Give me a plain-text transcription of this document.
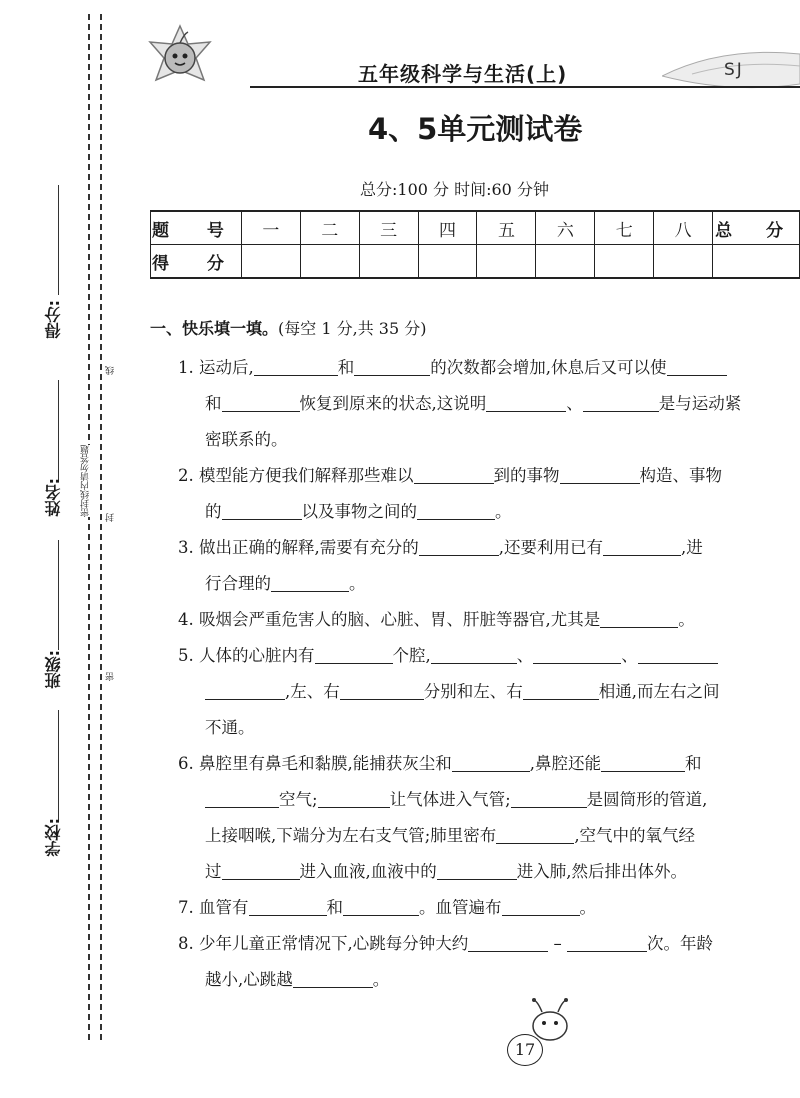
学校:
班级:
姓名:
得分:
线
密封线内请勿答题
封
密
五年级科学与生活(上)	SJ
4、5单元测试卷
总分:100 分 时间:60 分钟
题 号	一	二	三	四	五	六	七	八	总 分
得 分									
一、快乐填一填。(每空 1 分,共 35 分)
1. 运动后,	和	的次数都会增加,休息后又可以使
和	恢复到原来的状态,这说明	、	是与运动紧
密联系的。
2. 模型能方便我们解释那些难以	到的事物	构造、事物
的	以及事物之间的	。
3. 做出正确的解释,需要有充分的	,还要利用已有	,进
行合理的	。
4. 吸烟会严重危害人的脑、心脏、胃、肝脏等器官,尤其是	。
5. 人体的心脏内有	个腔,	、	、
,左、右	分别和左、右	相通,而左右之间
不通。
6. 鼻腔里有鼻毛和黏膜,能捕获灰尘和	,鼻腔还能	和
空气;	让气体进入气管;	是圆筒形的管道,
上接咽喉,下端分为左右支气管;肺里密布	,空气中的氧气经
过	进入血液,血液中的	进入肺,然后排出体外。
7. 血管有	和	。血管遍布	。
8. 少年儿童正常情况下,心跳每分钟大约	–	次。年龄
越小,心跳越	。
17
